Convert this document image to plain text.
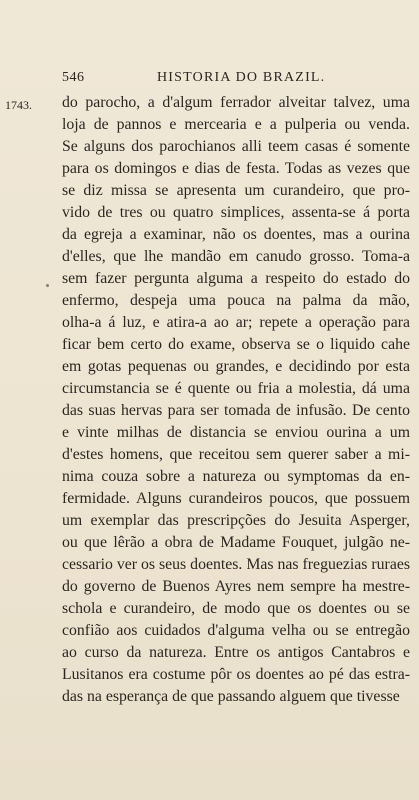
546	HISTORIA DO BRAZIL.
1743. do parocho, a d'algum ferrador alveitar talvez, uma
loja de pannos e mercearia e a pulperia ou venda.
Se alguns dos parochianos alli teem casas é somente
para os domingos e dias de festa. Todas as vezes que
se diz missa se apresenta um curandeiro, que pro-
vido de tres ou quatro simplices, assenta-se á porta
da egreja a examinar, não os doentes, mas a ourina
d'elles, que lhe mandão em canudo grosso. Toma-a
sem fazer pergunta alguma a respeito do estado do
enfermo, despeja uma pouca na palma da mão,
olha-a á luz, e atira-a ao ar; repete a operação para
ficar bem certo do exame, observa se o liquido cahe
em gotas pequenas ou grandes, e decidindo por esta
circumstancia se é quente ou fria a molestia, dá uma
das suas hervas para ser tomada de infusão. De cento
e vinte milhas de distancia se enviou ourina a um
d'estes homens, que receitou sem querer saber a mi-
nima couza sobre a natureza ou symptomas da en-
fermidade. Alguns curandeiros poucos, que possuem
um exemplar das prescripções do Jesuita Asperger,
ou que lêrão a obra de Madame Fouquet, julgão ne-
cessario ver os seus doentes. Mas nas freguezias ruraes
do governo de Buenos Ayres nem sempre ha mestre-
schola e curandeiro, de modo que os doentes ou se
confião aos cuidados d'alguma velha ou se entregão
ao curso da natureza. Entre os antigos Cantabros e
Lusitanos era costume pôr os doentes ao pé das estra-
das na esperança de que passando alguem que tivesse
